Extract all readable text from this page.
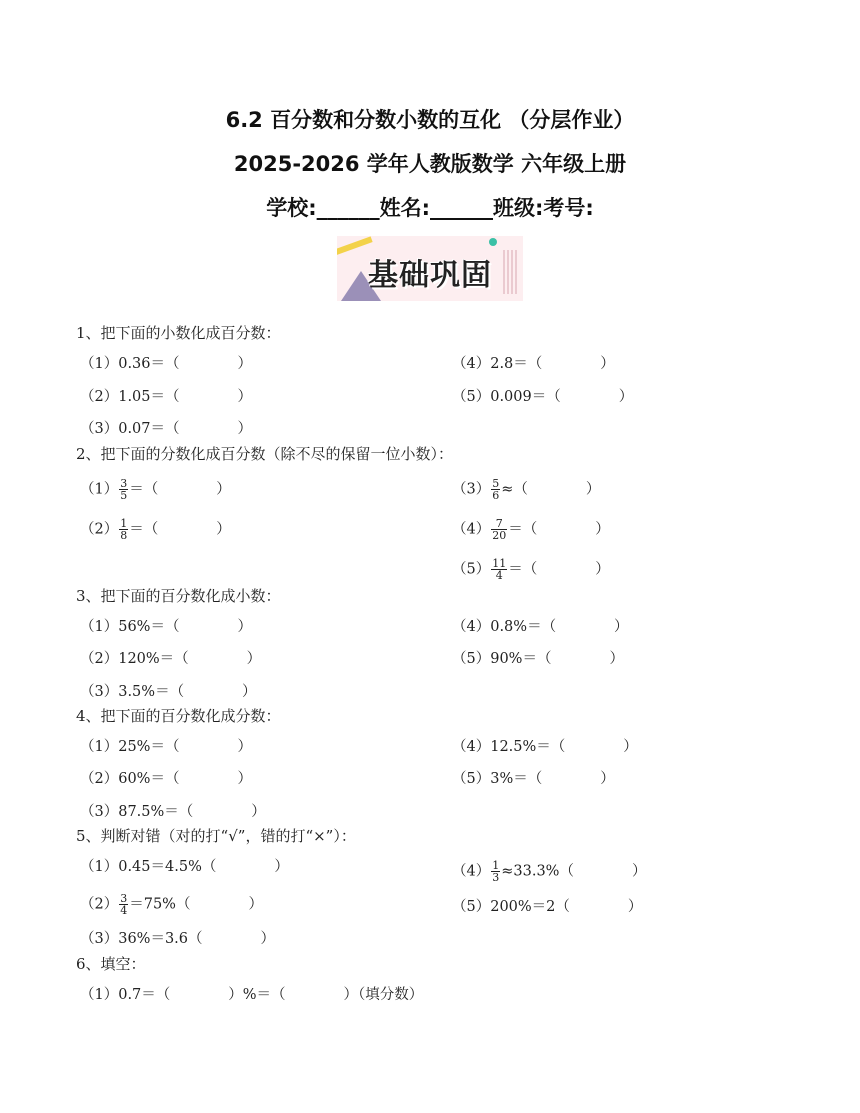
6.2 百分数和分数小数的互化 （分层作业）
2025-2026 学年人教版数学 六年级上册
学校:______姓名:______班级:考号:
基础巩固
1、把下面的小数化成百分数：
（1）0.36＝（　　　　）
（2）1.05＝（　　　　）
（3）0.07＝（　　　　）
（4）2.8＝（　　　　）
（5）0.009＝（　　　　）
2、把下面的分数化成百分数（除不尽的保留一位小数）：
$(1) \frac{3}{5}$ ＝（　　　　）
$(2) \frac{1}{8}$ ＝（　　　　）
$(3) \frac{5}{6}$ ≈（　　　　）
$(4) \frac{7}{20}$ ＝（　　　　）
$(5) \frac{11}{4}$ ＝（　　　　）
3、把下面的百分数化成小数：
（1）56%＝（　　　　）
（2）120%＝（　　　　）
（3）3.5%＝（　　　　）
（4）0.8%＝（　　　　）
（5）90%＝（　　　　）
4、把下面的百分数化成分数：
（1）25%＝（　　　　）
（2）60%＝（　　　　）
（3）87.5%＝（　　　　）
（4）12.5%＝（　　　　）
（5）3%＝（　　　　）
5、判断对错（对的打“√”，错的打“×”）：
（1）0.45＝4.5%（　　　　）
$(2) \frac{3}{4} =75\%$（　　　　）
（3）36%＝3.6（　　　　）
$(4) \frac{1}{3} \approx 33.3\%$（　　　　）
（5）200%＝2（　　　　）
6、填空：
（1）0.7＝（　　　　）%＝（　　　　）（填分数）
